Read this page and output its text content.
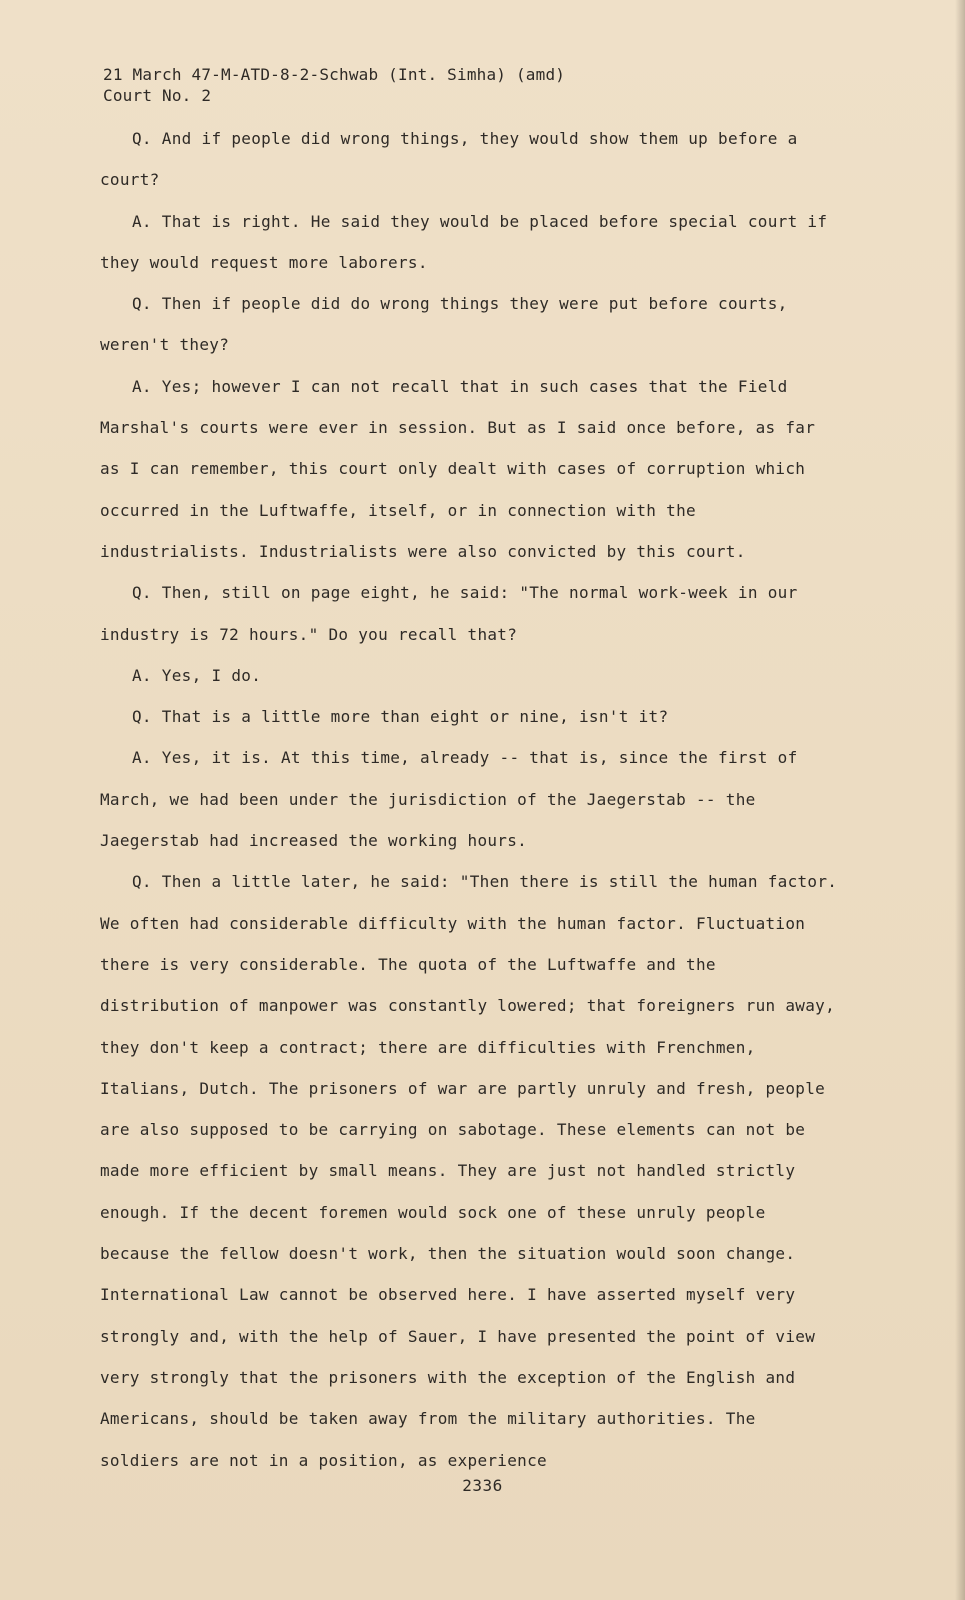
21 March 47-M-ATD-8-2-Schwab (Int. Simha) (amd)
Court No. 2

Q. And if people did wrong things, they would show them up before a court?

A. That is right. He said they would be placed before special court if they would request more laborers.

Q. Then if people did do wrong things they were put before courts, weren't they?

A. Yes; however I can not recall that in such cases that the Field Marshal's courts were ever in session. But as I said once before, as far as I can remember, this court only dealt with cases of corruption which occurred in the Luftwaffe, itself, or in connection with the industrialists. Industrialists were also convicted by this court.

Q. Then, still on page eight, he said: "The normal work-week in our industry is 72 hours." Do you recall that?

A. Yes, I do.

Q. That is a little more than eight or nine, isn't it?

A. Yes, it is. At this time, already -- that is, since the first of March, we had been under the jurisdiction of the Jaegerstab -- the Jaegerstab had increased the working hours.

Q. Then a little later, he said: "Then there is still the human factor. We often had considerable difficulty with the human factor. Fluctuation there is very considerable. The quota of the Luftwaffe and the distribution of manpower was constantly lowered; that foreigners run away, they don't keep a contract; there are difficulties with Frenchmen, Italians, Dutch. The prisoners of war are partly unruly and fresh, people are also supposed to be carrying on sabotage. These elements can not be made more efficient by small means. They are just not handled strictly enough. If the decent foremen would sock one of these unruly people because the fellow doesn't work, then the situation would soon change. International Law cannot be observed here. I have asserted myself very strongly and, with the help of Sauer, I have presented the point of view very strongly that the prisoners with the exception of the English and Americans, should be taken away from the military authorities. The soldiers are not in a position, as experience

2336
